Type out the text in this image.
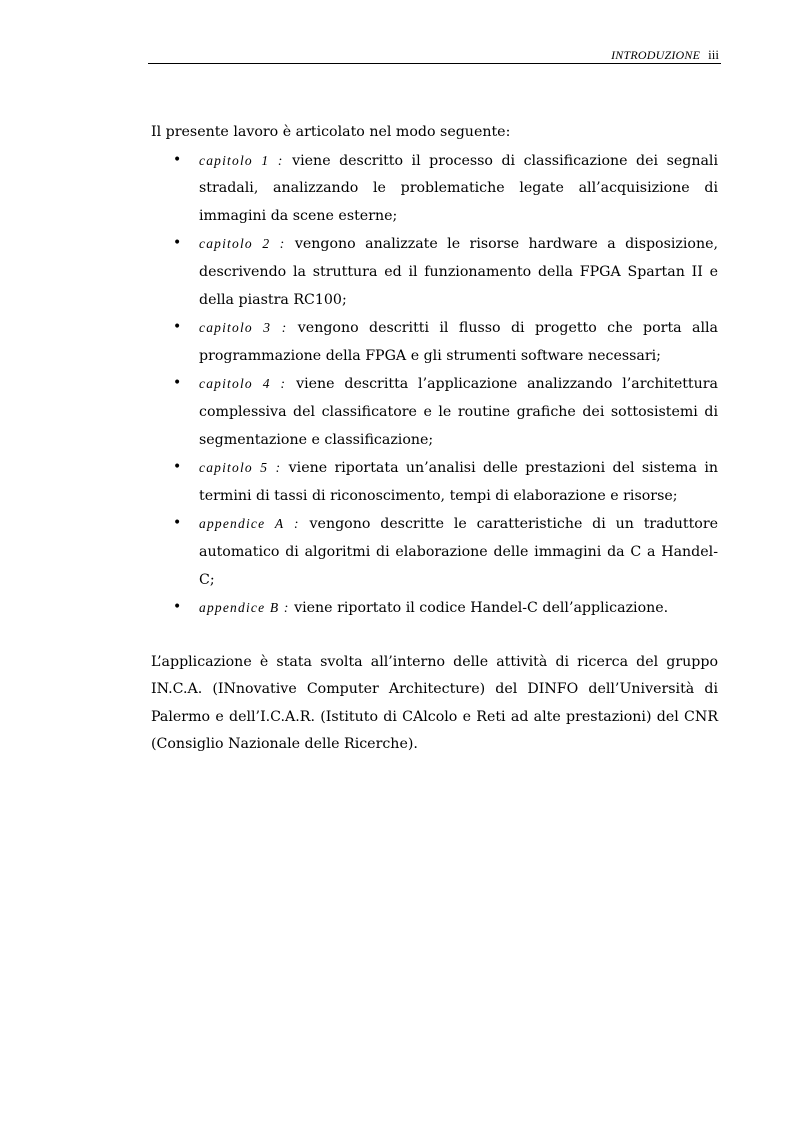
INTRODUZIONE iii

Il presente lavoro è articolato nel modo seguente:

• capitolo 1 : viene descritto il processo di classificazione dei segnali stradali, analizzando le problematiche legate all’acquisizione di immagini da scene esterne;
• capitolo 2 : vengono analizzate le risorse hardware a disposizione, descrivendo la struttura ed il funzionamento della FPGA Spartan II e della piastra RC100;
• capitolo 3 : vengono descritti il flusso di progetto che porta alla programmazione della FPGA e gli strumenti software necessari;
• capitolo 4 : viene descritta l’applicazione analizzando l’architettura complessiva del classificatore e le routine grafiche dei sottosistemi di segmentazione e classificazione;
• capitolo 5 : viene riportata un’analisi delle prestazioni del sistema in termini di tassi di riconoscimento, tempi di elaborazione e risorse;
• appendice A : vengono descritte le caratteristiche di un traduttore automatico di algoritmi di elaborazione delle immagini da C a Handel-C;
• appendice B : viene riportato il codice Handel-C dell’applicazione.

L’applicazione è stata svolta all’interno delle attività di ricerca del gruppo IN.C.A. (INnovative Computer Architecture) del DINFO dell’Università di Palermo e dell’I.C.A.R. (Istituto di CAlcolo e Reti ad alte prestazioni) del CNR (Consiglio Nazionale delle Ricerche).
